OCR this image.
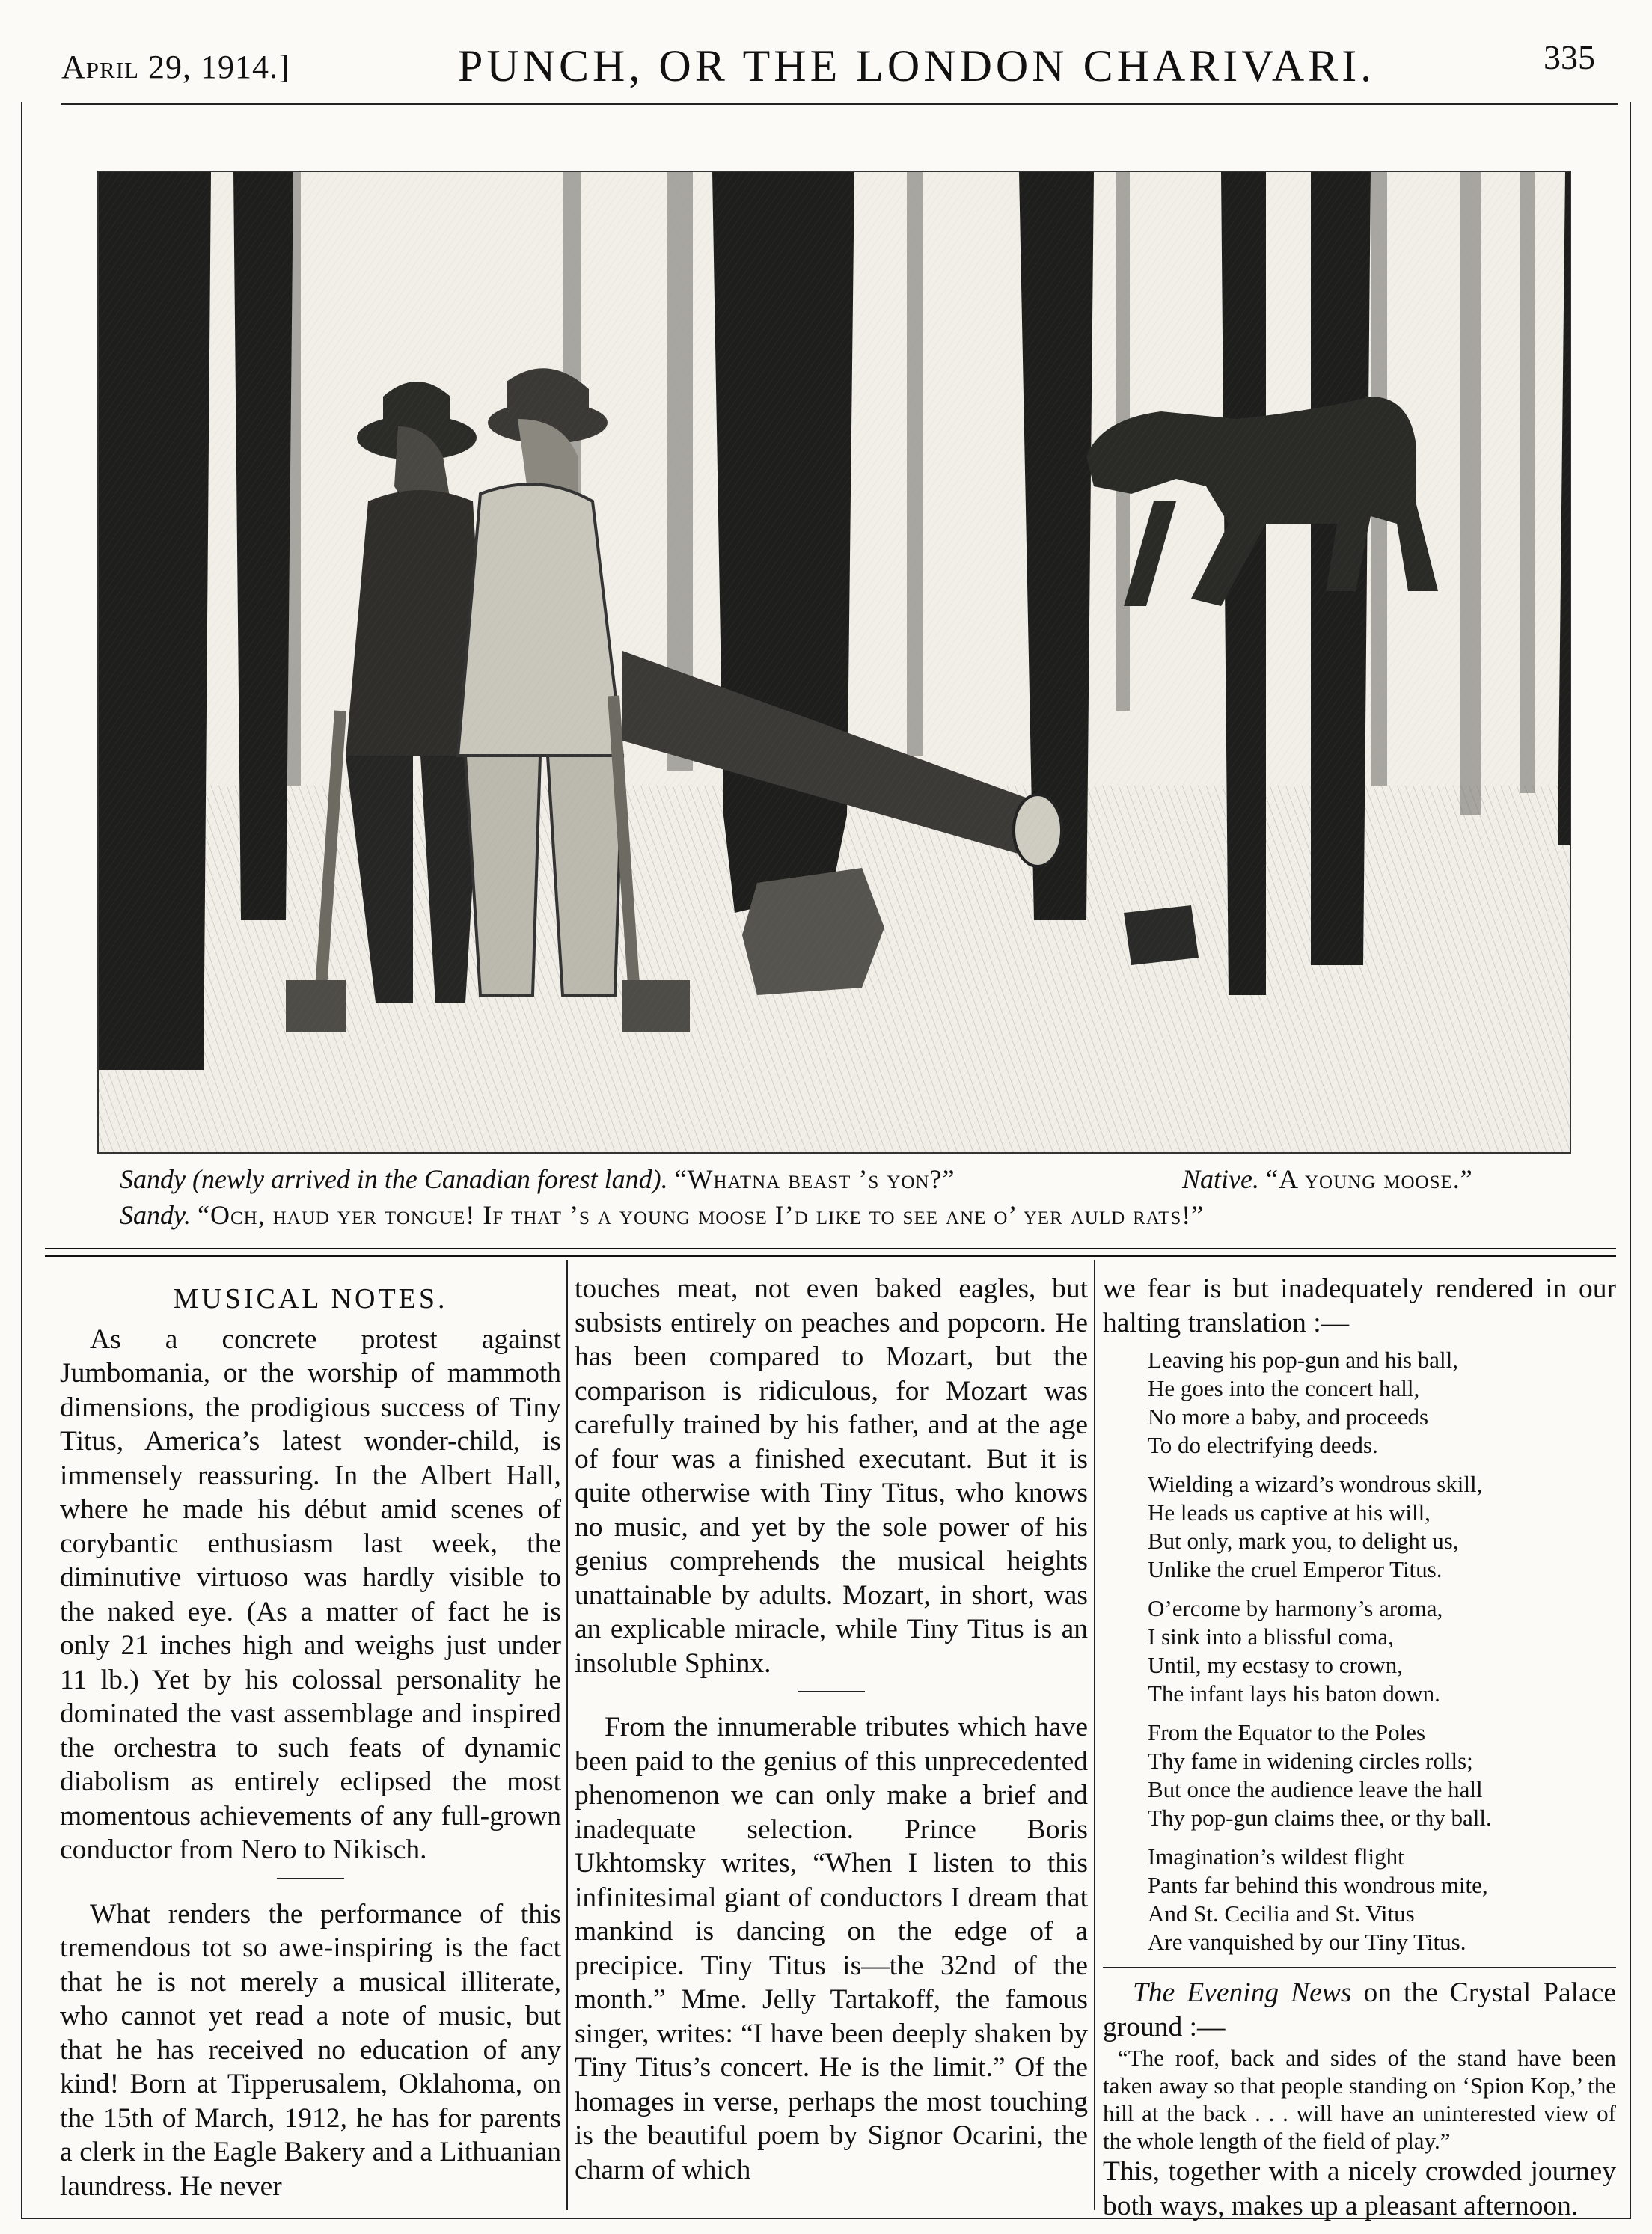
April 29, 1914.]	PUNCH, OR THE LONDON CHARIVARI.	335
Sandy (newly arrived in the Canadian forest land). “Whatna beast ’s yon?”	Native. “A young moose.”
Sandy. “Och, haud yer tongue! If that ’s a young moose I’d like to see ane o’ yer auld rats!”

MUSICAL NOTES.

As a concrete protest against Jumbomania, or the worship of mammoth dimensions, the prodigious success of Tiny Titus, America’s latest wonder-child, is immensely reassuring. In the Albert Hall, where he made his début amid scenes of corybantic enthusiasm last week, the diminutive virtuoso was hardly visible to the naked eye. (As a matter of fact he is only 21 inches high and weighs just under 11 lb.) Yet by his colossal personality he dominated the vast assemblage and inspired the orchestra to such feats of dynamic diabolism as entirely eclipsed the most momentous achievements of any full-grown conductor from Nero to Nikisch.

What renders the performance of this tremendous tot so awe-inspiring is the fact that he is not merely a musical illiterate, who cannot yet read a note of music, but that he has received no education of any kind! Born at Tipperusalem, Oklahoma, on the 15th of March, 1912, he has for parents a clerk in the Eagle Bakery and a Lithuanian laundress. He never

touches meat, not even baked eagles, but subsists entirely on peaches and popcorn. He has been compared to Mozart, but the comparison is ridiculous, for Mozart was carefully trained by his father, and at the age of four was a finished executant. But it is quite otherwise with Tiny Titus, who knows no music, and yet by the sole power of his genius comprehends the musical heights unattainable by adults. Mozart, in short, was an explicable miracle, while Tiny Titus is an insoluble Sphinx.

From the innumerable tributes which have been paid to the genius of this unprecedented phenomenon we can only make a brief and inadequate selection. Prince Boris Ukhtomsky writes, “When I listen to this infinitesimal giant of conductors I dream that mankind is dancing on the edge of a precipice. Tiny Titus is—the 32nd of the month.” Mme. Jelly Tartakoff, the famous singer, writes: “I have been deeply shaken by Tiny Titus’s concert. He is the limit.” Of the homages in verse, perhaps the most touching is the beautiful poem by Signor Ocarini, the charm of which

we fear is but inadequately rendered in our halting translation :—

Leaving his pop-gun and his ball,
He goes into the concert hall,
No more a baby, and proceeds
To do electrifying deeds.
Wielding a wizard’s wondrous skill,
He leads us captive at his will,
But only, mark you, to delight us,
Unlike the cruel Emperor Titus.
O’ercome by harmony’s aroma,
I sink into a blissful coma,
Until, my ecstasy to crown,
The infant lays his baton down.
From the Equator to the Poles
Thy fame in widening circles rolls;
But once the audience leave the hall
Thy pop-gun claims thee, or thy ball.
Imagination’s wildest flight
Pants far behind this wondrous mite,
And St. Cecilia and St. Vitus
Are vanquished by our Tiny Titus.

The Evening News on the Crystal Palace ground :—

“The roof, back and sides of the stand have been taken away so that people standing on ‘Spion Kop,’ the hill at the back . . . will have an uninterested view of the whole length of the field of play.”

This, together with a nicely crowded journey both ways, makes up a pleasant afternoon.
